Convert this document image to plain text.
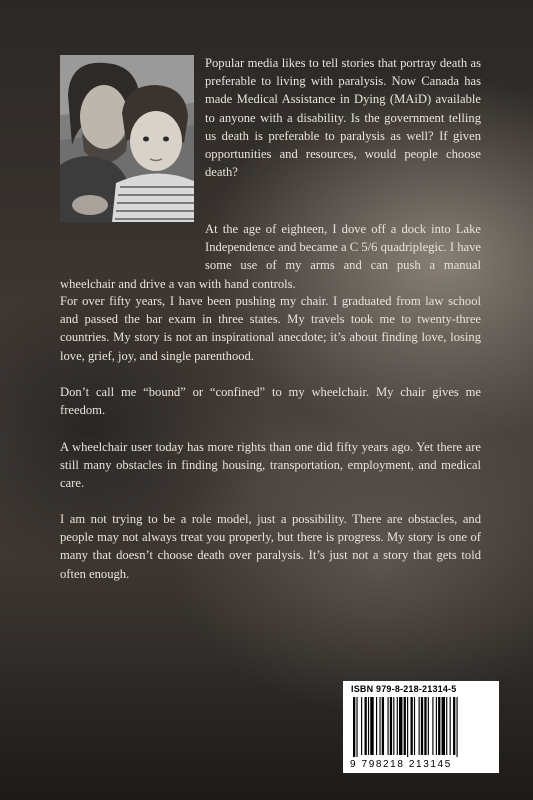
Popular media likes to tell stories that portray death as preferable to living with paralysis. Now Canada has made Medical Assistance in Dying (MAiD) available to anyone with a disability. Is the government telling us death is preferable to paralysis as well? If given opportunities and resources, would people choose death?

At the age of eighteen, I dove off a dock into Lake Independence and became a C 5/6 quadriplegic. I have some use of my arms and can push a manual wheelchair and drive a van with hand controls.

For over fifty years, I have been pushing my chair. I graduated from law school and passed the bar exam in three states. My travels took me to twenty-three countries. My story is not an inspirational anecdote; it’s about finding love, losing love, grief, joy, and single parenthood.

Don’t call me “bound” or “confined” to my wheelchair. My chair gives me freedom.

A wheelchair user today has more rights than one did fifty years ago. Yet there are still many obstacles in finding housing, transportation, employment, and medical care.

I am not trying to be a role model, just a possibility. There are obstacles, and people may not always treat you properly, but there is progress. My story is one of many that doesn’t choose death over paralysis. It’s just not a story that gets told often enough.

ISBN 979-8-218-21314-5
9 798218 213145
